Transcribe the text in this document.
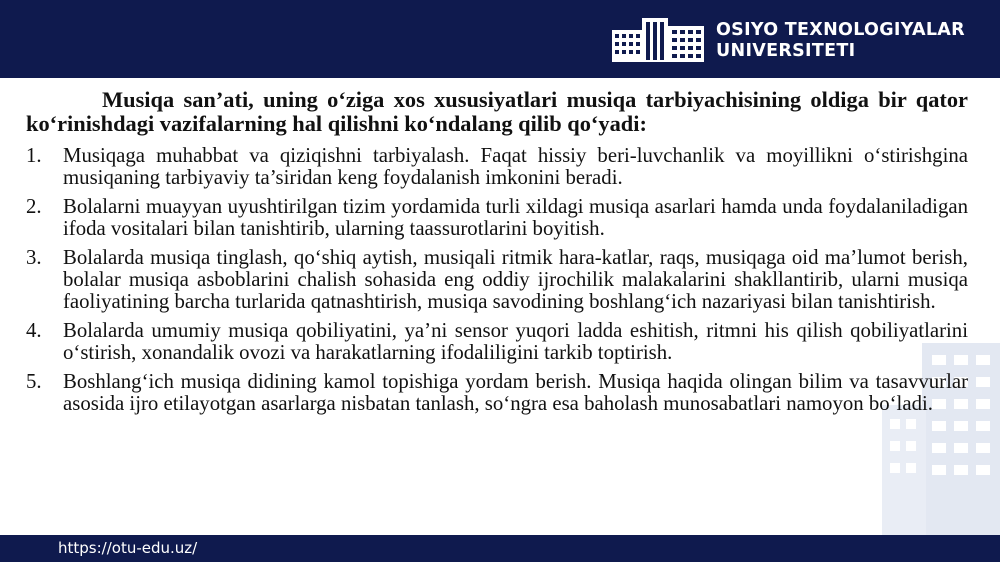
OSIYO TEXNOLOGIYALAR
UNIVERSITETI

Musiqa san’ati, uning o‘ziga xos xususiyatlari musiqa tarbiyachisining oldiga bir qator ko‘rinishdagi vazifalarning hal qilishni ko‘ndalang qilib qo‘yadi:

1. Musiqaga muhabbat va qiziqishni tarbiyalash. Faqat hissiy beri-luvchanlik va moyillikni o‘stirishgina musiqaning tarbiyaviy ta’siridan keng foydalanish imkonini beradi.
2. Bolalarni muayyan uyushtirilgan tizim yordamida turli xildagi musiqa asarlari hamda unda foydalaniladigan ifoda vositalari bilan tanishtirib, ularning taassurotlarini boyitish.
3. Bolalarda musiqa tinglash, qo‘shiq aytish, musiqali ritmik hara-katlar, raqs, musiqaga oid ma’lumot berish, bolalar musiqa asboblarini chalish sohasida eng oddiy ijrochilik malakalarini shakllantirib, ularni musiqa faoliyatining barcha turlarida qatnashtirish, musiqa savodining boshlang‘ich nazariyasi bilan tanishtirish.
4. Bolalarda umumiy musiqa qobiliyatini, ya’ni sensor yuqori ladda eshitish, ritmni his qilish qobiliyatlarini o‘stirish, xonandalik ovozi va harakatlarning ifodaliligini tarkib toptirish.
5. Boshlang‘ich musiqa didining kamol topishiga yordam berish. Musiqa haqida olingan bilim va tasavvurlar asosida ijro etilayotgan asarlarga nisbatan tanlash, so‘ngra esa baholash munosabatlari namoyon bo‘ladi.
https://otu-edu.uz/
